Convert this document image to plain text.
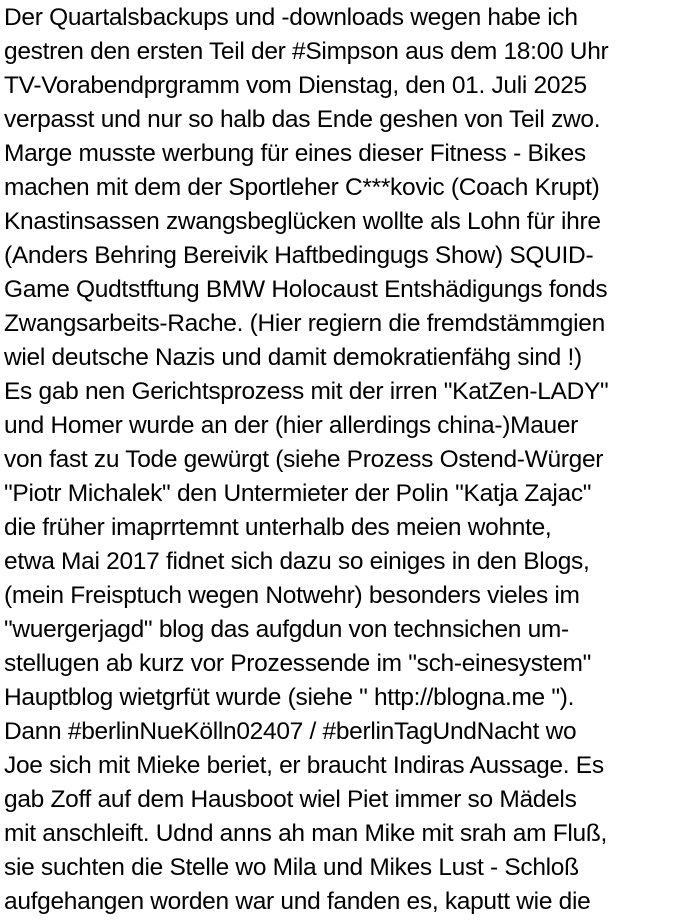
Der Quartalsbackups und -downloads wegen habe ich
gestren den ersten Teil der #Simpson aus dem 18:00 Uhr
TV-Vorabendprgramm vom Dienstag, den 01. Juli 2025
verpasst und nur so halb das Ende geshen von Teil zwo.
Marge musste werbung für eines dieser Fitness - Bikes
machen mit dem der Sportleher C***kovic (Coach Krupt)
Knastinsassen zwangsbeglücken wollte als Lohn für ihre
(Anders Behring Bereivik Haftbedingugs Show) SQUID-
Game Qudtstftung BMW Holocaust Entshädigungs fonds
Zwangsarbeits-Rache. (Hier regiern die fremdstämmgien
wiel deutsche Nazis und damit demokratienfähg sind !)
Es gab nen Gerichtsprozess mit der irren "KatZen-LADY"
und Homer wurde an der (hier allerdings china-)Mauer
von fast zu Tode gewürgt (siehe Prozess Ostend-Würger
"Piotr Michalek" den Untermieter der Polin "Katja Zajac"
die früher imaprrtemnt unterhalb des meien wohnte,
etwa Mai 2017 fidnet sich dazu so einiges in den Blogs,
(mein Freisptuch wegen Notwehr) besonders vieles im
"wuergerjagd" blog das aufgdun von technsichen um-
stellugen ab kurz vor Prozessende im "sch-einesystem"
Hauptblog wietgrfüt wurde (siehe " http://blogna.me ").
Dann #berlinNueKölln02407 / #berlinTagUndNacht wo
Joe sich mit Mieke beriet, er braucht Indiras Aussage. Es
gab Zoff auf dem Hausboot wiel Piet immer so Mädels
mit anschleift. Udnd anns ah man Mike mit srah am Fluß,
sie suchten die Stelle wo Mila und Mikes Lust - Schloß
aufgehangen worden war und fanden es, kaputt wie die
